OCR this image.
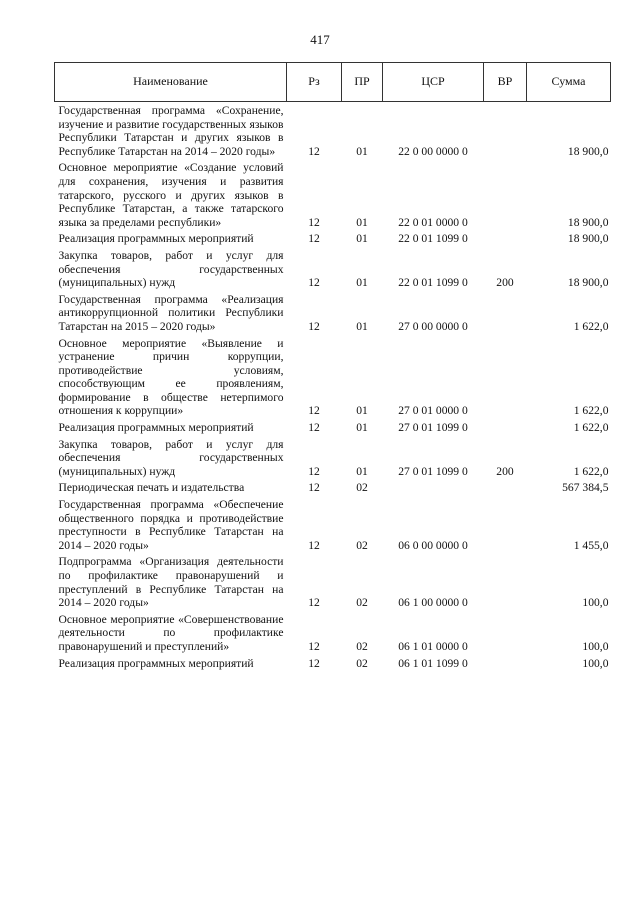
417
Наименование	Рз	ПР	ЦСР	ВР	Сумма
Государственная программа «Сохранение, изучение и развитие государственных языков Республики Татарстан и других языков в Республике Татарстан на 2014 – 2020 годы»	12	01	22 0 00 0000 0		18 900,0
Основное мероприятие «Создание условий для сохранения, изучения и развития татарского, русского и других языков в Республике Татарстан, а также татарского языка за пределами республики»	12	01	22 0 01 0000 0		18 900,0
Реализация программных мероприятий	12	01	22 0 01 1099 0		18 900,0
Закупка товаров, работ и услуг для обеспечения государственных (муниципальных) нужд	12	01	22 0 01 1099 0	200	18 900,0
Государственная программа «Реализация антикоррупционной политики Республики Татарстан на 2015 – 2020 годы»	12	01	27 0 00 0000 0		1 622,0
Основное мероприятие «Выявление и устранение причин коррупции, противодействие условиям, способствующим ее проявлениям, формирование в обществе нетерпимого отношения к коррупции»	12	01	27 0 01 0000 0		1 622,0
Реализация программных мероприятий	12	01	27 0 01 1099 0		1 622,0
Закупка товаров, работ и услуг для обеспечения государственных (муниципальных) нужд	12	01	27 0 01 1099 0	200	1 622,0
Периодическая печать и издательства	12	02			567 384,5
Государственная программа «Обеспечение общественного порядка и противодействие преступности в Республике Татарстан на 2014 – 2020 годы»	12	02	06 0 00 0000 0		1 455,0
Подпрограмма «Организация деятельности по профилактике правонарушений и преступлений в Республике Татарстан на 2014 – 2020 годы»	12	02	06 1 00 0000 0		100,0
Основное мероприятие «Совершенствование деятельности по профилактике правонарушений и преступлений»	12	02	06 1 01 0000 0		100,0
Реализация программных мероприятий	12	02	06 1 01 1099 0		100,0
